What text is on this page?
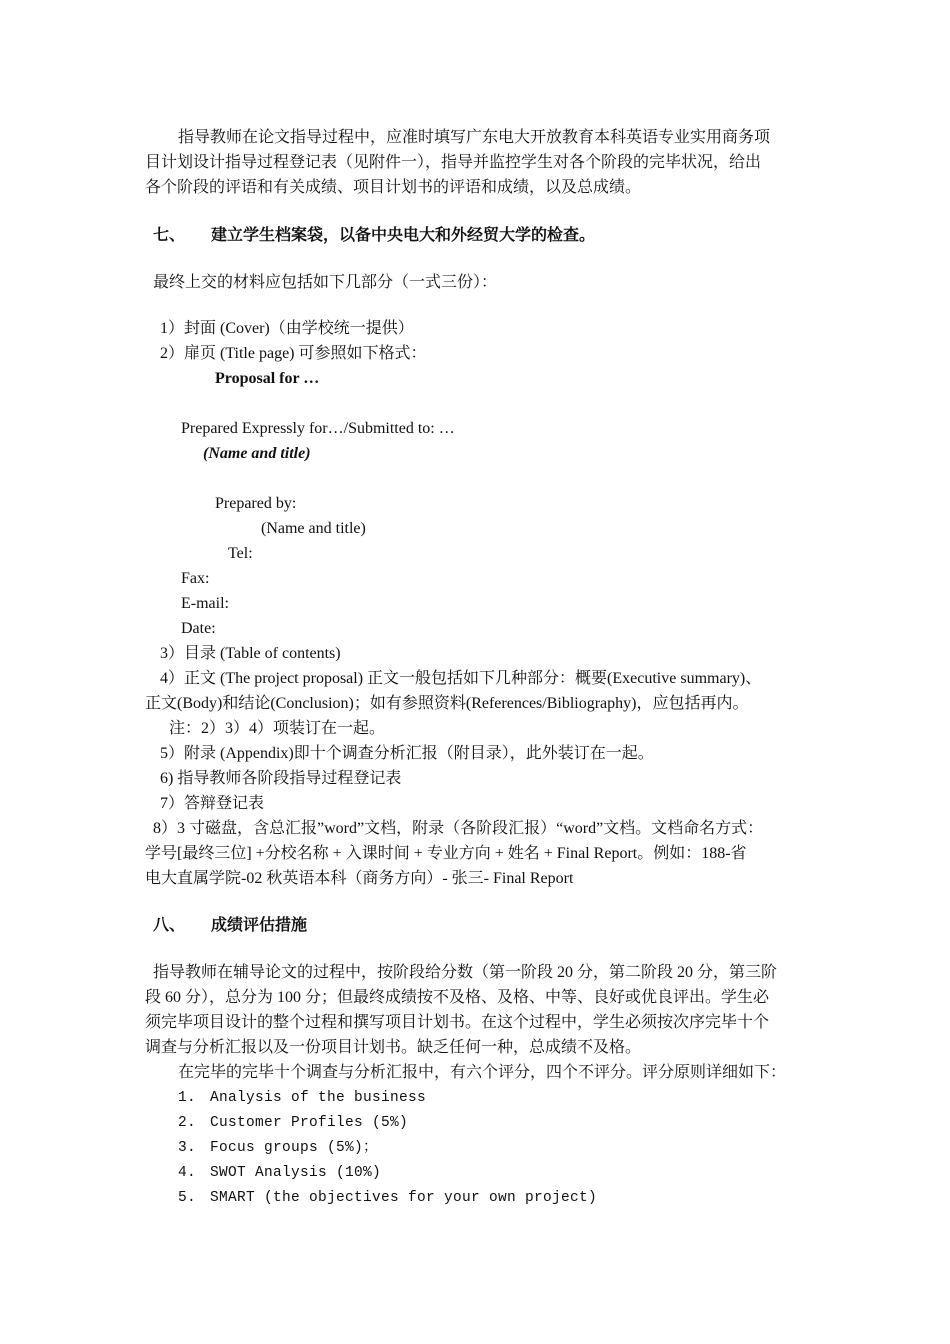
指导教师在论文指导过程中，应准时填写广东电大开放教育本科英语专业实用商务项
目计划设计指导过程登记表（见附件一），指导并监控学生对各个阶段的完毕状况，给出
各个阶段的评语和有关成绩、项目计划书的评语和成绩，以及总成绩。
七、 建立学生档案袋，以备中央电大和外经贸大学的检查。
最终上交的材料应包括如下几部分（一式三份）：
1）封面 (Cover)（由学校统一提供）
2）扉页 (Title page) 可参照如下格式：
Proposal for …
Prepared Expressly for…/Submitted to: …
(Name and title)
Prepared by:
(Name and title)
Tel:
Fax:
E-mail:
Date:
3）目录 (Table of contents)
4）正文 (The project proposal) 正文一般包括如下几种部分：概要(Executive summary)、
正文(Body)和结论(Conclusion)；如有参照资料(References/Bibliography)，应包括再内。
注：2）3）4）项装订在一起。
5）附录 (Appendix)即十个调查分析汇报（附目录），此外装订在一起。
6) 指导教师各阶段指导过程登记表
7）答辩登记表
8）3 寸磁盘，含总汇报”word”文档，附录（各阶段汇报）“word”文档。文档命名方式：
学号[最终三位] +分校名称 + 入课时间 + 专业方向 + 姓名 + Final Report。例如：188-省
电大直属学院-02 秋英语本科（商务方向）- 张三- Final Report
八、 成绩评估措施
指导教师在辅导论文的过程中，按阶段给分数（第一阶段 20 分，第二阶段 20 分，第三阶
段 60 分），总分为 100 分；但最终成绩按不及格、及格、中等、良好或优良评出。学生必
须完毕项目设计的整个过程和撰写项目计划书。在这个过程中，学生必须按次序完毕十个
调查与分析汇报以及一份项目计划书。缺乏任何一种，总成绩不及格。
在完毕的完毕十个调查与分析汇报中，有六个评分，四个不评分。评分原则详细如下：
1. Analysis of the business
2. Customer Profiles (5%)
3. Focus groups (5%)；
4. SWOT Analysis (10%)
5. SMART (the objectives for your own project)
